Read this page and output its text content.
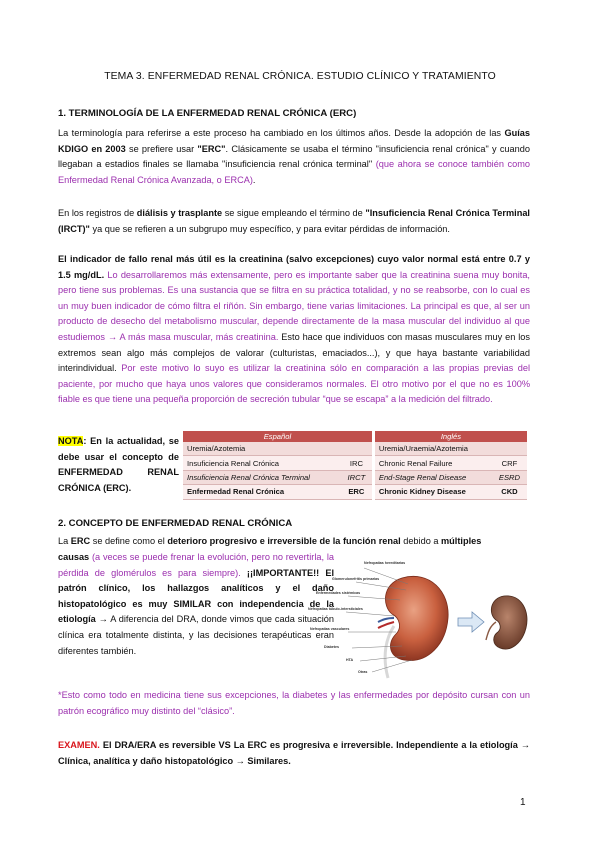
TEMA 3. ENFERMEDAD RENAL CRÓNICA. ESTUDIO CLÍNICO Y TRATAMIENTO

1. TERMINOLOGÍA DE LA ENFERMEDAD RENAL CRÓNICA (ERC)

La terminología para referirse a este proceso ha cambiado en los últimos años. Desde la adopción de las Guías KDIGO en 2003 se prefiere usar "ERC". Clásicamente se usaba el término "insuficiencia renal crónica" y cuando llegaban a estadios finales se llamaba "insuficiencia renal crónica terminal" (que ahora se conoce también como Enfermedad Renal Crónica Avanzada, o ERCA).

En los registros de diálisis y trasplante se sigue empleando el término de "Insuficiencia Renal Crónica Terminal (IRCT)" ya que se refieren a un subgrupo muy específico, y para evitar pérdidas de información.

El indicador de fallo renal más útil es la creatinina (salvo excepciones) cuyo valor normal está entre 0.7 y 1.5 mg/dL. Lo desarrollaremos más extensamente, pero es importante saber que la creatinina suena muy bonita, pero tiene sus problemas. Es una sustancia que se filtra en su práctica totalidad, y no se reabsorbe, con lo cual es un muy buen indicador de cómo filtra el riñón. Sin embargo, tiene varias limitaciones. La principal es que, al ser un producto de desecho del metabolismo muscular, depende directamente de la masa muscular del individuo al que estudiemos → A más masa muscular, más creatinina. Esto hace que individuos con masas musculares muy en los extremos sean algo más complejos de valorar (culturistas, emaciados...), y que haya bastante variabilidad interindividual. Por este motivo lo suyo es utilizar la creatinina sólo en comparación a las propias previas del paciente, por mucho que haya unos valores que consideramos normales. El otro motivo por el que no es 100% fiable es que tiene una pequeña proporción de secreción tubular “que se escapa” a la medición del filtrado.

NOTA: En la actualidad, se debe usar el concepto de ENFERMEDAD RENAL CRÓNICA (ERC).

Español			Inglés	
Uremia/Azotemia			Uremia/Uraemia/Azotemia	
Insuficiencia Renal Crónica	IRC		Chronic Renal Failure	CRF
Insuficiencia Renal Crónica Terminal	IRCT		End-Stage Renal Disease	ESRD
Enfermedad Renal Crónica	ERC		Chronic Kidney Disease	CKD

2. CONCEPTO DE ENFERMEDAD RENAL CRÓNICA

La ERC se define como el deterioro progresivo e irreversible de la función renal debido a múltiples

causas (a veces se puede frenar la evolución, pero no revertirla, la pérdida de glomérulos es para siempre). ¡¡IMPORTANTE!! El patrón clínico, los hallazgos analíticos y el daño histopatológico es muy SIMILAR con independencia de la etiología → A diferencia del DRA, donde vimos que cada situación clínica era totalmente distinta, y las decisiones terapéuticas eran diferentes también.

Nefropatías hereditarias
Glomerulonefritis primarias
Enfermedades sistémicas
Nefropatías túbulo-intersticiales
Nefropatías vasculares
Diabetes
HTA
Otras

*Esto como todo en medicina tiene sus excepciones, la diabetes y las enfermedades por depósito cursan con un patrón ecográfico muy distinto del “clásico”.

EXAMEN. El DRA/ERA es reversible VS La ERC es progresiva e irreversible. Independiente a la etiología → Clínica, analítica y daño histopatológico → Similares.

1
